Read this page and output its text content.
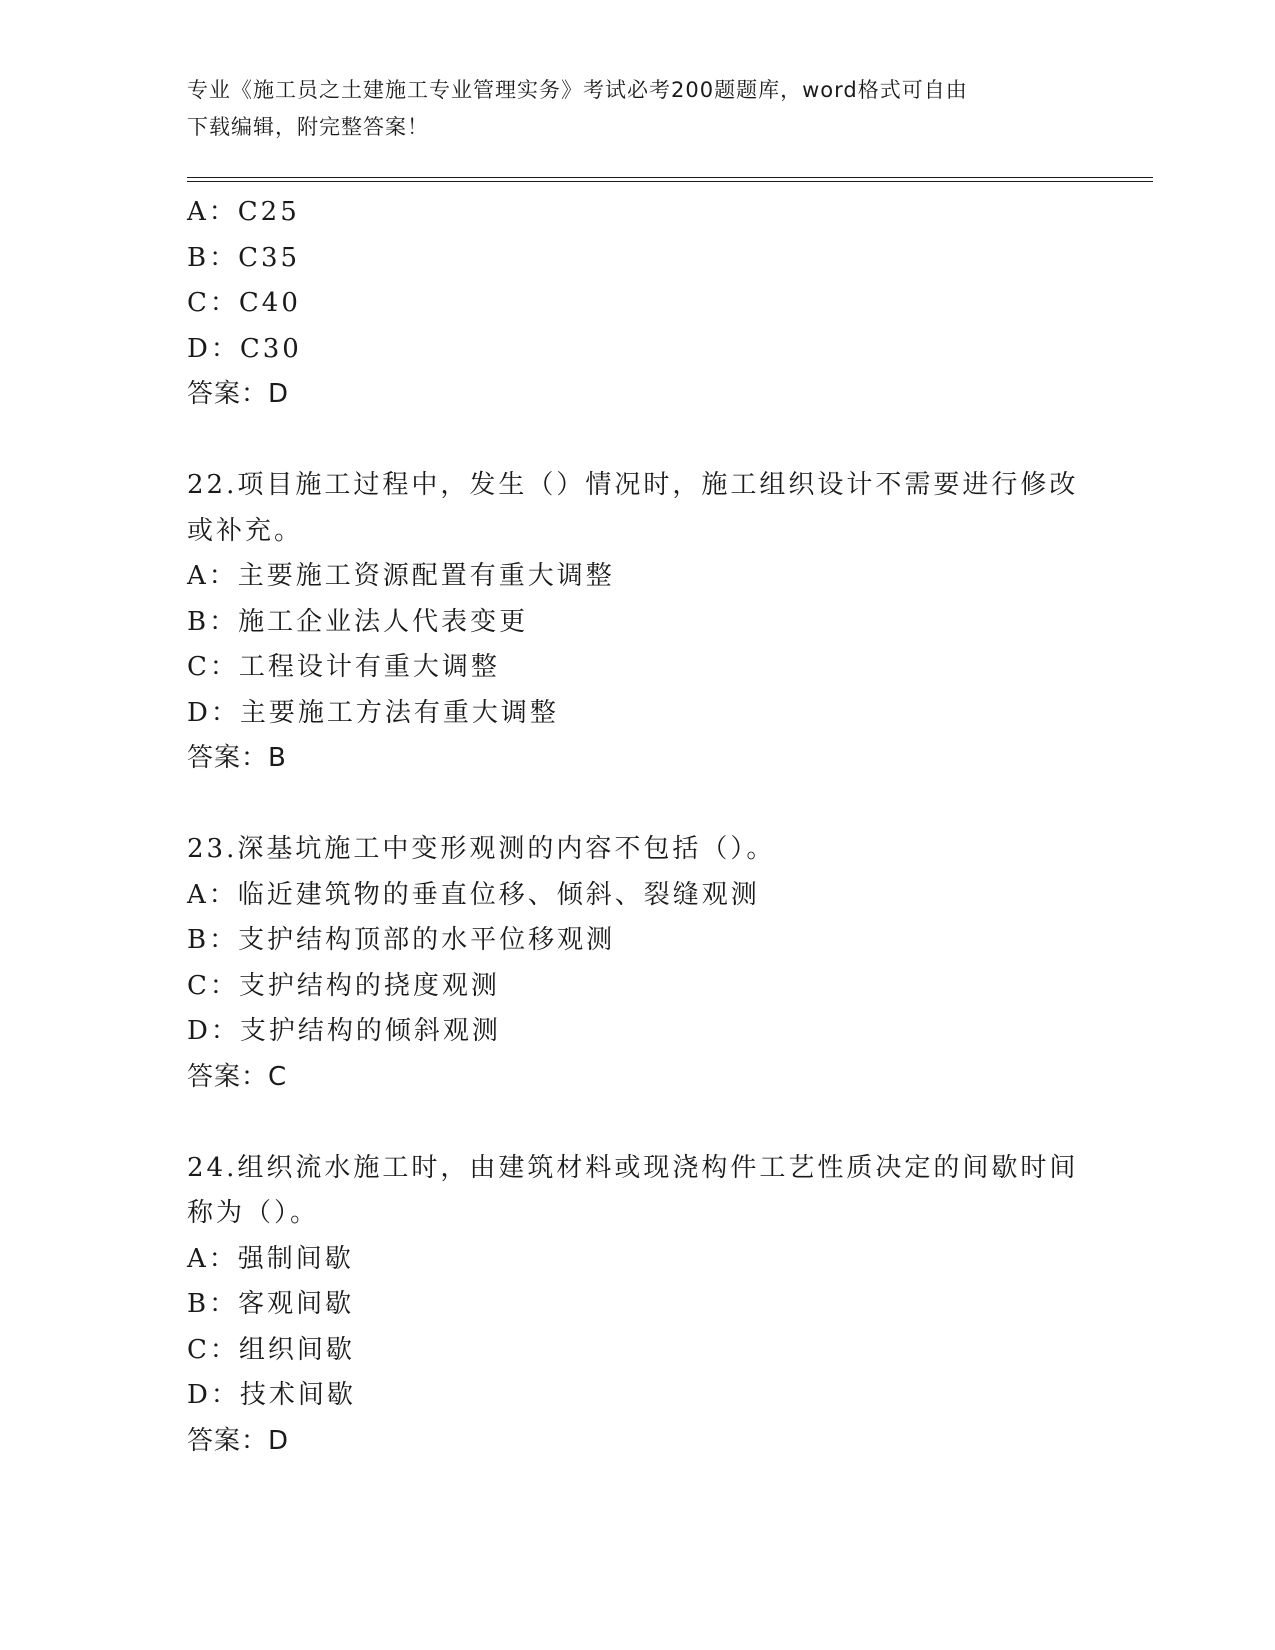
专业《施工员之土建施工专业管理实务》考试必考200题题库，word格式可自由
下载编辑，附完整答案！
A：C25
B：C35
C：C40
D：C30
答案：D
22.项目施工过程中，发生（）情况时，施工组织设计不需要进行修改
或补充。
A：主要施工资源配置有重大调整
B：施工企业法人代表变更
C：工程设计有重大调整
D：主要施工方法有重大调整
答案：B
23.深基坑施工中变形观测的内容不包括（）。
A：临近建筑物的垂直位移、倾斜、裂缝观测
B：支护结构顶部的水平位移观测
C：支护结构的挠度观测
D：支护结构的倾斜观测
答案：C
24.组织流水施工时，由建筑材料或现浇构件工艺性质决定的间歇时间
称为（）。
A：强制间歇
B：客观间歇
C：组织间歇
D：技术间歇
答案：D
